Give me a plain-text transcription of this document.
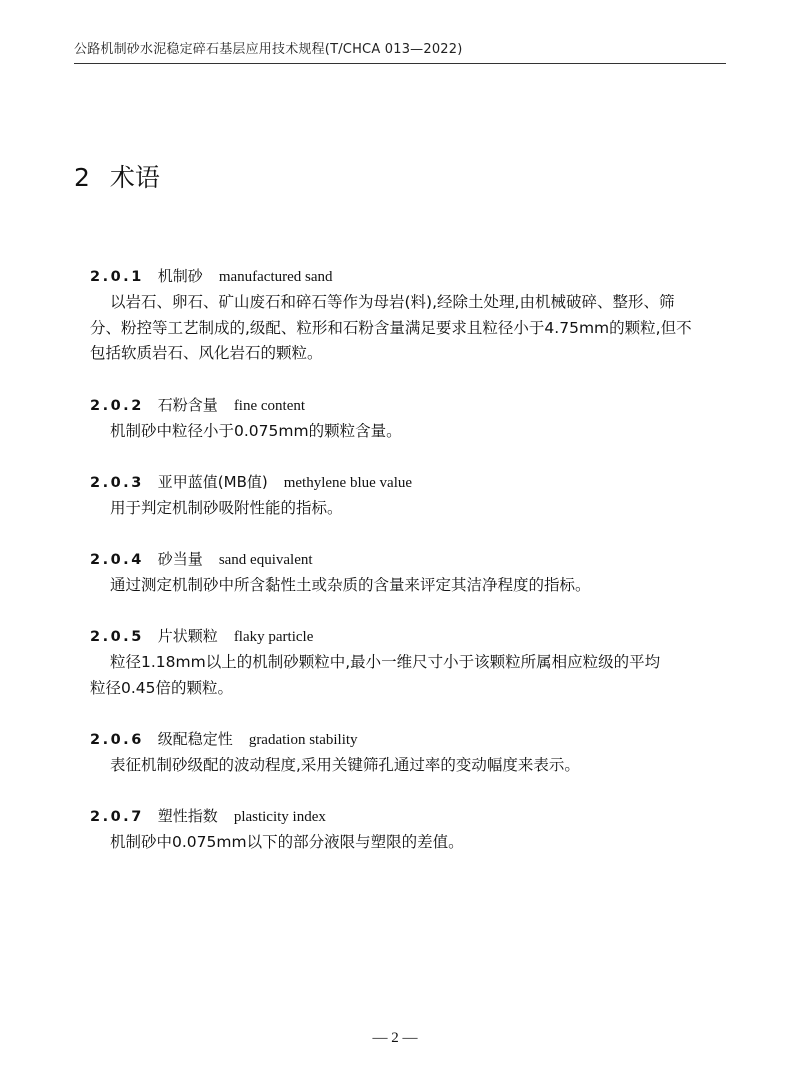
公路机制砂水泥稳定碎石基层应用技术规程(T/CHCA 013—2022)
2 术语
2.0.1 机制砂 manufactured sand

以岩石、卵石、矿山废石和碎石等作为母岩(料),经除土处理,由机械破碎、整形、筛

分、粉控等工艺制成的,级配、粒形和石粉含量满足要求且粒径小于4.75mm的颗粒,但不

包括软质岩石、风化岩石的颗粒。

2.0.2 石粉含量 fine content

机制砂中粒径小于0.075mm的颗粒含量。

2.0.3 亚甲蓝值(MB值) methylene blue value

用于判定机制砂吸附性能的指标。

2.0.4 砂当量 sand equivalent

通过测定机制砂中所含黏性土或杂质的含量来评定其洁净程度的指标。

2.0.5 片状颗粒 flaky particle

粒径1.18mm以上的机制砂颗粒中,最小一维尺寸小于该颗粒所属相应粒级的平均

粒径0.45倍的颗粒。

2.0.6 级配稳定性 gradation stability

表征机制砂级配的波动程度,采用关键筛孔通过率的变动幅度来表示。

2.0.7 塑性指数 plasticity index

机制砂中0.075mm以下的部分液限与塑限的差值。

— 2 —
